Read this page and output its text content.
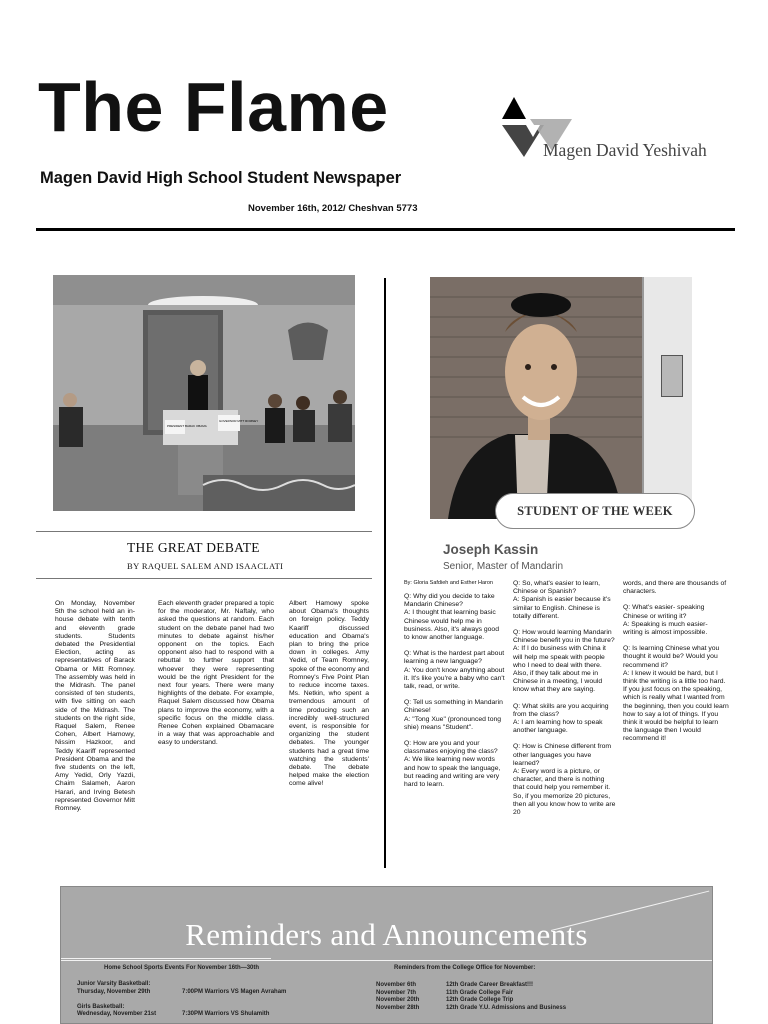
The Flame
Magen David High School Student Newspaper
November 16th, 2012/ Cheshvan 5773
Magen David Yeshivah
PRESIDENT BARAK OBAMA
GOVERNOR MITT ROMNEY
THE GREAT DEBATE
BY RAQUEL SALEM AND ISAACLATI
On Monday, November 5th the school held an in-house debate with tenth and eleventh grade students. Students debated the Presidential Election, acting as representatives of Barack Obama or Mitt Romney. The assembly was held in the Midrash. The panel consisted of ten students, with five sitting on each side of the Midrash. The students on the right side, Raquel Salem, Renee Cohen, Albert Hamowy, Nissim Hazkoor, and Teddy Kaariff represented President Obama and the five students on the left, Amy Yedid, Orly Yazdi, Chaim Salameh, Aaron Harari, and Irving Betesh represented Governor Mitt Romney.
Each eleventh grader prepared a topic for the moderator, Mr. Naftaly, who asked the questions at random. Each student on the debate panel had two minutes to debate against his/her opponent on the topics. Each opponent also had to respond with a rebuttal to further support that whoever they were representing would be the right President for the next four years. There were many highlights of the debate. For example, Raquel Salem discussed how Obama plans to improve the economy, with a specific focus on the middle class. Renee Cohen explained Obamacare in a way that was approachable and easy to understand.
Albert Hamowy spoke about Obama's thoughts on foreign policy. Teddy Kaariff discussed education and Obama's plan to bring the price down in colleges. Amy Yedid, of Team Romney, spoke of the economy and Romney's Five Point Plan to reduce income taxes. Ms. Netkin, who spent a tremendous amount of time producing such an incredibly well-structured event, is responsible for organizing the student debates. The younger students had a great time watching the students' debate. The debate helped make the election come alive!
STUDENT OF THE WEEK
Joseph Kassin
Senior, Master of Mandarin
By: Gloria Safdieh and Esther Haron

Q: Why did you decide to take Mandarin Chinese?

A: I thought that learning basic Chinese would help me in business. Also, it's always good to know another language.

Q: What is the hardest part about learning a new language?

A: You don't know anything about it. It's like you're a baby who can't talk, read, or write.

Q: Tell us something in Mandarin Chinese!

A: "Tong Xue" (pronounced tong shie) means "Student".

Q: How are you and your classmates enjoying the class?

A: We like learning new words and how to speak the language, but reading and writing are very hard to learn.

Q: So, what's easier to learn, Chinese or Spanish?

A: Spanish is easier because it's similar to English. Chinese is totally different.

Q: How would learning Mandarin Chinese benefit you in the future?

A: If I do business with China it will help me speak with people who I need to deal with there. Also, if they talk about me in Chinese in a meeting, I would know what they are saying.

Q: What skills are you acquiring from the class?

A: I am learning how to speak another language.

Q: How is Chinese different from other languages you have learned?

A: Every word is a picture, or character, and there is nothing that could help you remember it. So, if you memorize 20 pictures, then all you know how to write are 20

words, and there are thousands of characters.

Q: What's easier- speaking Chinese or writing it?

A: Speaking is much easier- writing is almost impossible.

Q: Is learning Chinese what you thought it would be? Would you recommend it?

A: I knew it would be hard, but I think the writing is a little too hard. If you just focus on the speaking, which is really what I wanted from the beginning, then you could learn how to say a lot of things. If you think it would be helpful to learn the language then I would recommend it!

Reminders and Announcements
Home School Sports Events For November 16th—30th	Reminders from the College Office for November:
Junior Varsity Basketball:
Thursday, November 29th	7:00PM Warriors VS Magen Avraham
Girls Basketball:
Wednesday, November 21st	7:30PM Warriors VS Shulamith
November 6th	12th Grade Career Breakfast!!!
November 7th	11th Grade College Fair
November 20th	12th Grade College Trip
November 28th	12th Grade Y.U. Admissions and Business
